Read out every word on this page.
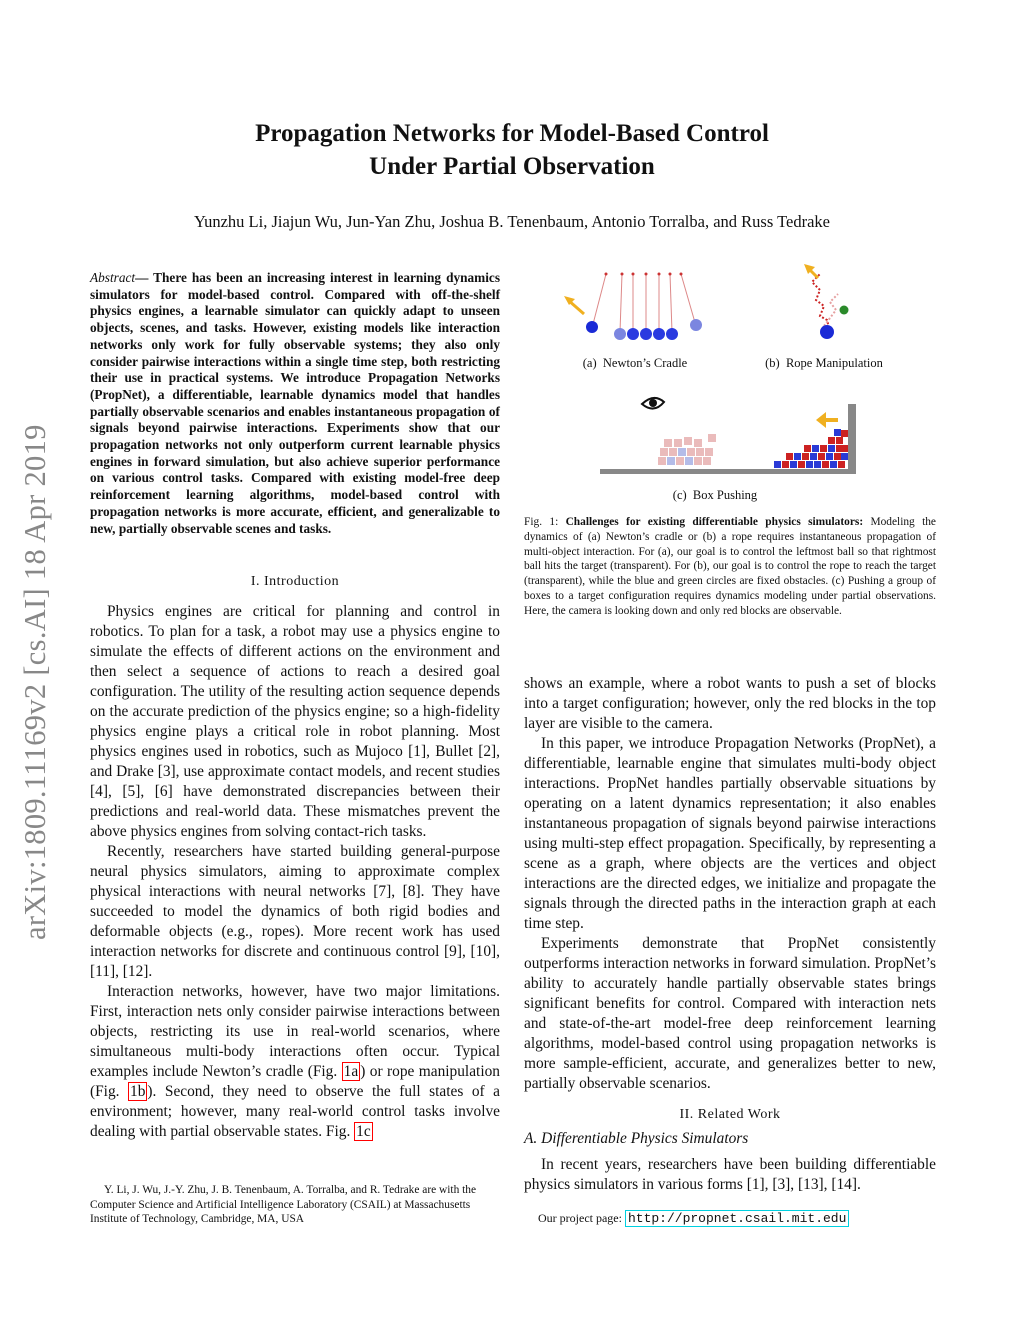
Propagation Networks for Model-Based Control
Under Partial Observation
Yunzhu Li, Jiajun Wu, Jun-Yan Zhu, Joshua B. Tenenbaum, Antonio Torralba, and Russ Tedrake
arXiv:1809.11169v2 [cs.AI] 18 Apr 2019
Abstract— There has been an increasing interest in learning dynamics simulators for model-based control. Compared with off-the-shelf physics engines, a learnable simulator can quickly adapt to unseen objects, scenes, and tasks. However, existing models like interaction networks only work for fully observable systems; they also only consider pairwise interactions within a single time step, both restricting their use in practical systems. We introduce Propagation Networks (PropNet), a differentiable, learnable dynamics model that handles partially observable scenarios and enables instantaneous propagation of signals beyond pairwise interactions. Experiments show that our propagation networks not only outperform current learnable physics engines in forward simulation, but also achieve superior performance on various control tasks. Compared with existing model-free deep reinforcement learning algorithms, model-based control with propagation networks is more accurate, efficient, and generalizable to new, partially observable scenes and tasks.
I. Introduction

Physics engines are critical for planning and control in robotics. To plan for a task, a robot may use a physics engine to simulate the effects of different actions on the environment and then select a sequence of actions to reach a desired goal configuration. The utility of the resulting action sequence depends on the accurate prediction of the physics engine; so a high-fidelity physics engine plays a critical role in robot planning. Most physics engines used in robotics, such as Mujoco [1], Bullet [2], and Drake [3], use approximate contact models, and recent studies [4], [5], [6] have demonstrated discrepancies between their predictions and real-world data. These mismatches prevent the above physics engines from solving contact-rich tasks.

Recently, researchers have started building general-purpose neural physics simulators, aiming to approximate complex physical interactions with neural networks [7], [8]. They have succeeded to model the dynamics of both rigid bodies and deformable objects (e.g., ropes). More recent work has used interaction networks for discrete and continuous control [9], [10], [11], [12].

Interaction networks, however, have two major limitations. First, interaction nets only consider pairwise interactions between objects, restricting its use in real-world scenarios, where simultaneous multi-body interactions often occur. Typical examples include Newton’s cradle (Fig. 1a ) or rope manipulation (Fig. 1b ). Second, they need to observe the full states of a environment; however, many real-world control tasks involve dealing with partial observable states. Fig. 1c

Y. Li, J. Wu, J.-Y. Zhu, J. B. Tenenbaum, A. Torralba, and R. Tedrake are with the Computer Science and Artificial Intelligence Laboratory (CSAIL) at Massachusetts Institute of Technology, Cambridge, MA, USA
(a) Newton’s Cradle	(b) Rope Manipulation
(c) Box Pushing
Fig. 1: Challenges for existing differentiable physics simulators: Modeling the dynamics of (a) Newton’s cradle or (b) a rope requires instantaneous propagation of multi-object interaction. For (a), our goal is to control the leftmost ball so that rightmost ball hits the target (transparent). For (b), our goal is to control the rope to reach the target (transparent), while the blue and green circles are fixed obstacles. (c) Pushing a group of boxes to a target configuration requires dynamics modeling under partial observations. Here, the camera is looking down and only red blocks are observable.

shows an example, where a robot wants to push a set of blocks into a target configuration; however, only the red blocks in the top layer are visible to the camera.

In this paper, we introduce Propagation Networks (PropNet), a differentiable, learnable engine that simulates multi-body object interactions. PropNet handles partially observable situations by operating on a latent dynamics representation; it also enables instantaneous propagation of signals beyond pairwise interactions using multi-step effect propagation. Specifically, by representing a scene as a graph, where objects are the vertices and object interactions are the directed edges, we initialize and propagate the signals through the directed paths in the interaction graph at each time step.

Experiments demonstrate that PropNet consistently outperforms interaction networks in forward simulation. PropNet’s ability to accurately handle partially observable states brings significant benefits for control. Compared with interaction nets and state-of-the-art model-free deep reinforcement learning algorithms, model-based control using propagation networks is more sample-efficient, accurate, and generalizes better to new, partially observable scenarios.

II. Related Work
A. Differentiable Physics Simulators

In recent years, researchers have been building differentiable physics simulators in various forms [1], [3], [13], [14].

Our project page: http://propnet.csail.mit.edu
